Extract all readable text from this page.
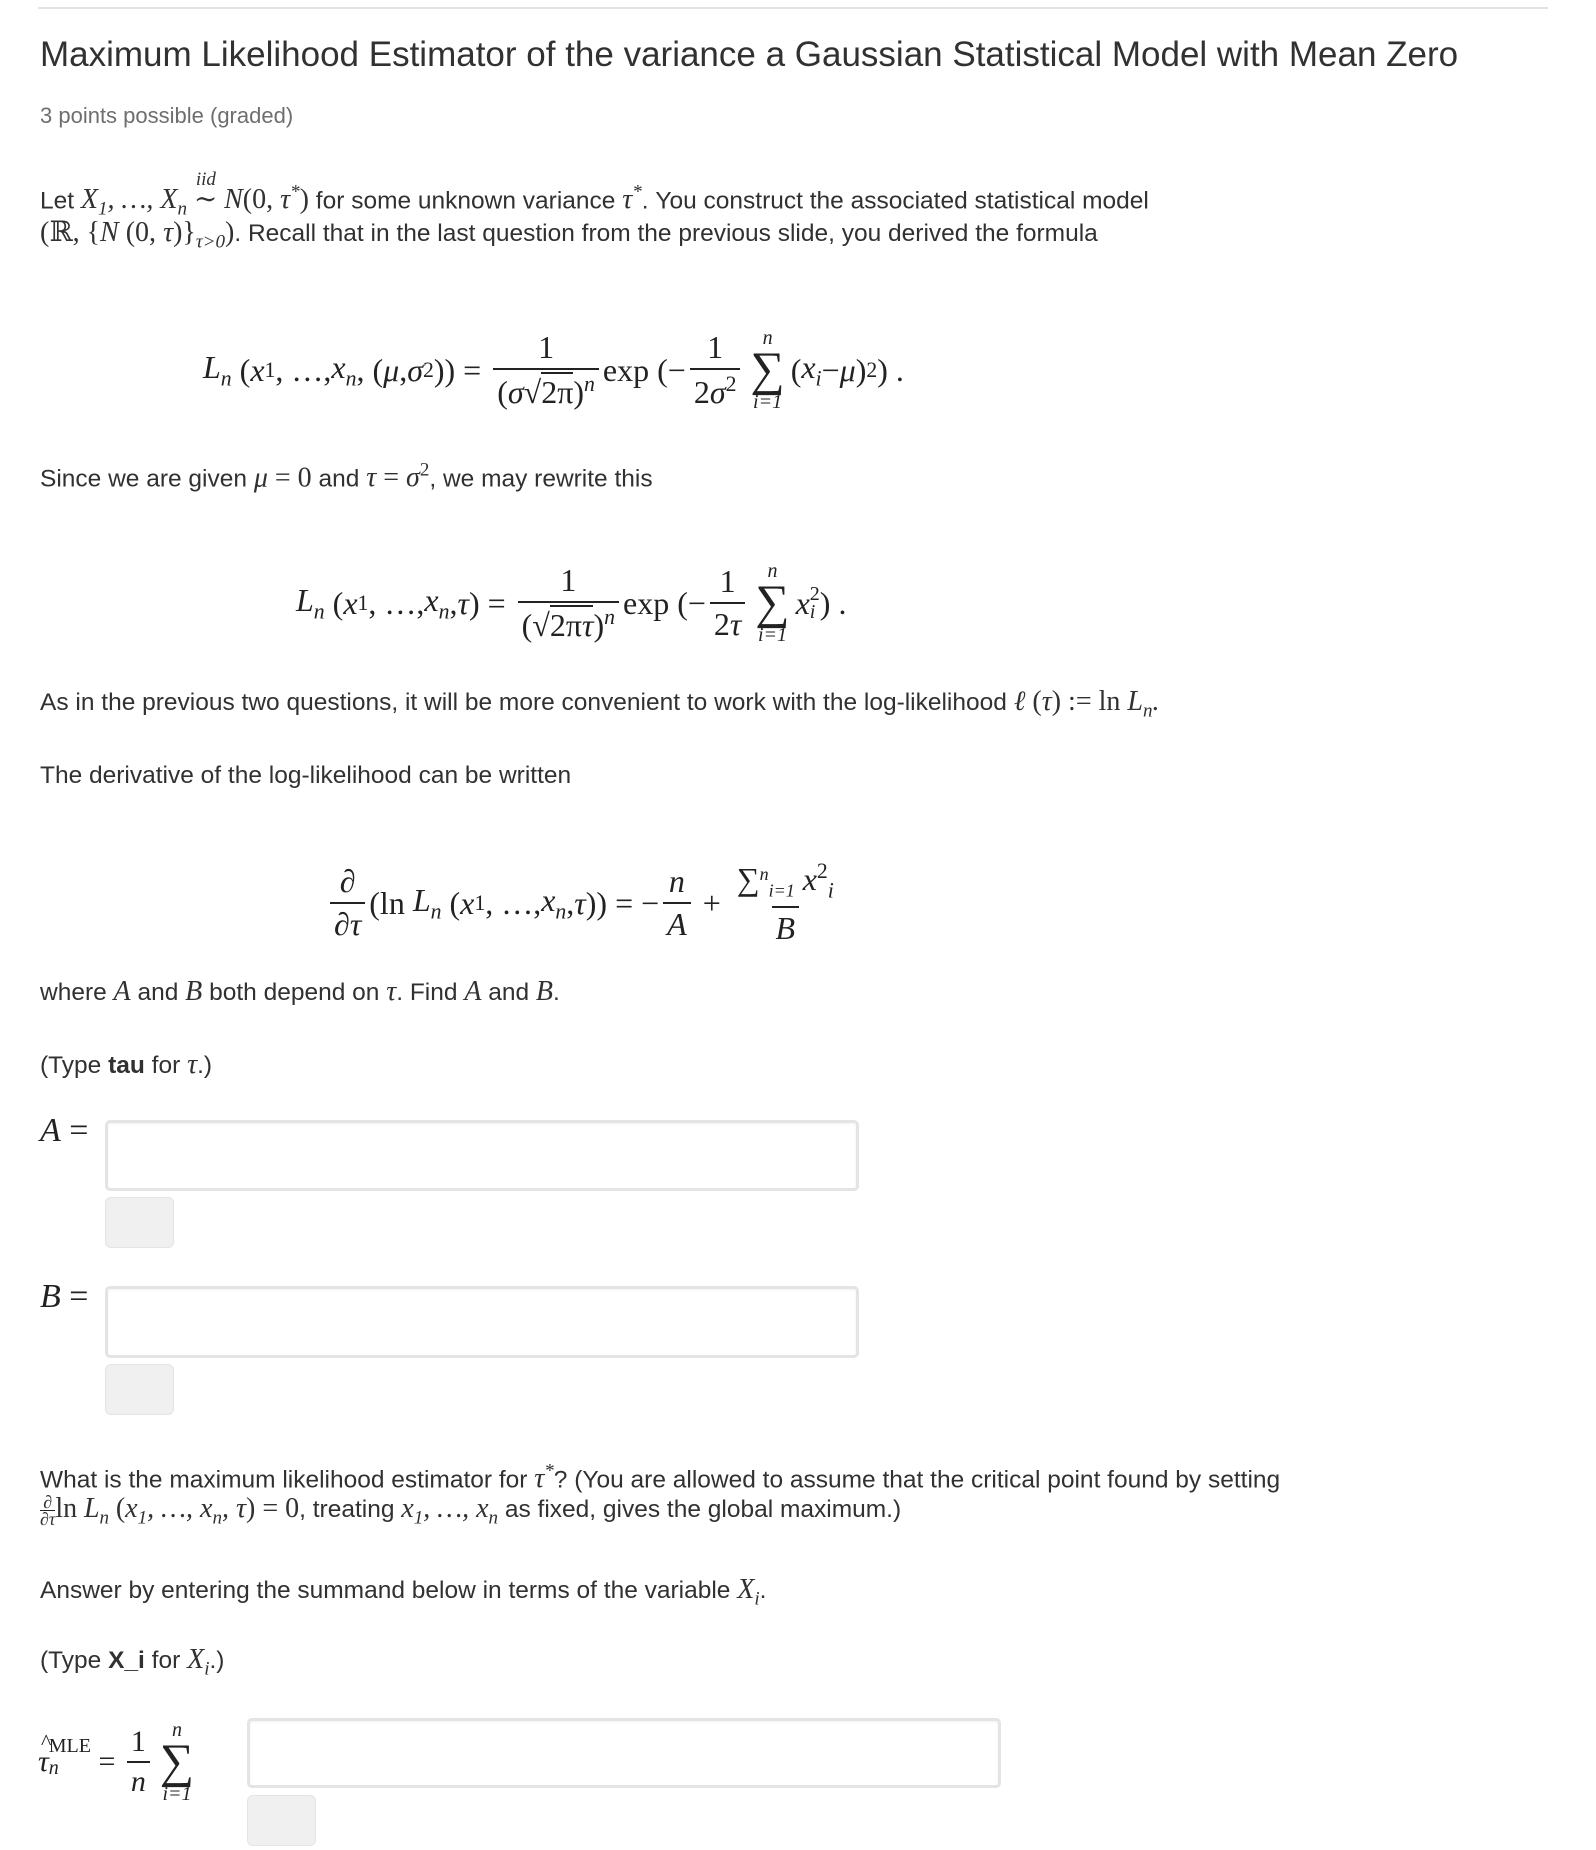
Maximum Likelihood Estimator of the variance a Gaussian Statistical Model with Mean Zero
3 points possible (graded)
Let $X_1$, …, $X_n$
iid
∼ N(0, τ*) for some unknown variance τ*. You construct the associated statistical model
(ℝ, {N (0, $\tau)\}_{\tau>0}$). Recall that in the last question from the previous slide, you derived the formula
$L_n$ ( x 1 , …, $x_n$ , ( μ , σ 2 )) = $\frac{1}{(\sigma√2\pi)^n}$ exp (− $\frac{1}{2\sigma^2}$ n
∑
i=1
( $x_i - \mu$ ) 2 ) .
Since we are given μ = 0 and $\tau = \sigma^2$, we may rewrite this
$L_n$ ( x 1 , …, $x_n$ , τ ) = $\frac{1}{(√2\pi\tau)^n}$ exp (− $\frac{1}{2\tau}$ n
∑
i=1
x 2
i ) .
As in the previous two questions, it will be more convenient to work with the log-likelihood ℓ (τ) := $\ln L_n$.
The derivative of the log-likelihood can be written
$\frac{\partial}{\partial\tau} (\ln$ $L_n$ ( x 1 , …, $x_n$ , τ )) = − $\frac{n}{A} + \frac{\sum^n_{i=1} x^2_i}{B}$
where A and B both depend on τ. Find A and B.
(Type tau for τ.)
A =
B =
What is the maximum likelihood estimator for τ*? (You are allowed to assume that the critical point found by setting
∂
∂τ $\ln L_n$ ($x_1$, …, $x_n$, τ) = 0, treating $x_1$, …, $x_n$ as fixed, gives the global maximum.)
Answer by entering the summand below in terms of the variable $X_i$.
(Type X_i for $X_i$.)
τ
^
MLE
n	= $\frac{1}{n}$ n
∑
i=1
